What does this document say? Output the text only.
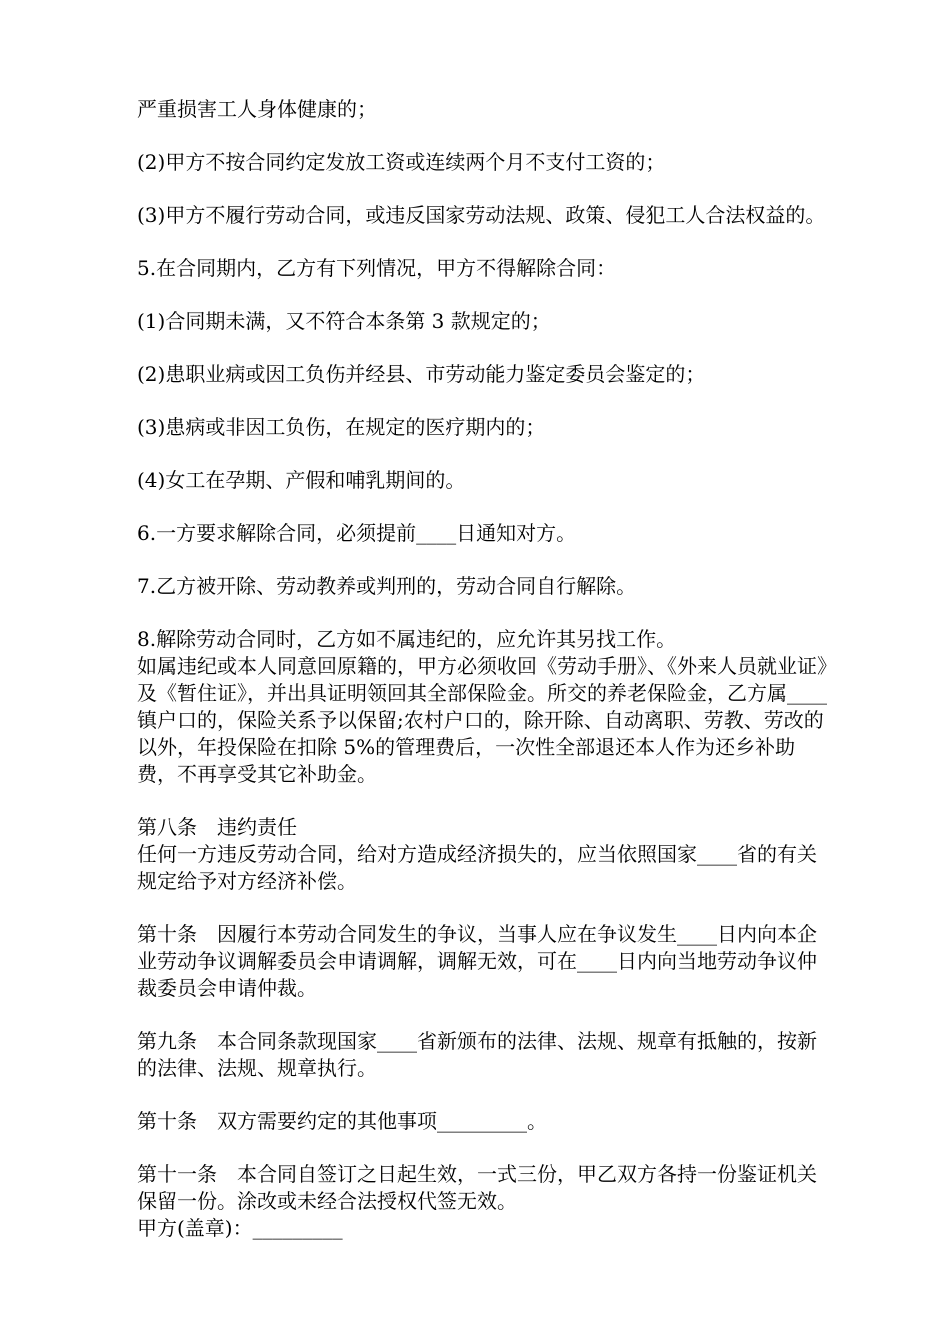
严重损害工人身体健康的；

(2)甲方不按合同约定发放工资或连续两个月不支付工资的；

(3)甲方不履行劳动合同，或违反国家劳动法规、政策、侵犯工人合法权益的。

5.在合同期内，乙方有下列情况，甲方不得解除合同：

(1)合同期未满，又不符合本条第 3 款规定的；

(2)患职业病或因工负伤并经县、市劳动能力鉴定委员会鉴定的；

(3)患病或非因工负伤，在规定的医疗期内的；

(4)女工在孕期、产假和哺乳期间的。

6.一方要求解除合同，必须提前____日通知对方。

7.乙方被开除、劳动教养或判刑的，劳动合同自行解除。

8.解除劳动合同时，乙方如不属违纪的，应允许其另找工作。
如属违纪或本人同意回原籍的，甲方必须收回《劳动手册》、《外来人员就业证》及《暂住证》，并出具证明领回其全部保险金。所交的养老保险金，乙方属____镇户口的，保险关系予以保留;农村户口的，除开除、自动离职、劳教、劳改的以外，年投保险在扣除 5%的管理费后，一次性全部退还本人作为还乡补助费，不再享受其它补助金。

第八条　违约责任
任何一方违反劳动合同，给对方造成经济损失的，应当依照国家____省的有关规定给予对方经济补偿。

第十条　因履行本劳动合同发生的争议，当事人应在争议发生____日内向本企业劳动争议调解委员会申请调解，调解无效，可在____日内向当地劳动争议仲裁委员会申请仲裁。

第九条　本合同条款现国家____省新颁布的法律、法规、规章有抵触的，按新的法律、法规、规章执行。

第十条　双方需要约定的其他事项_________。

第十一条　本合同自签订之日起生效，一式三份，甲乙双方各持一份鉴证机关保留一份。涂改或未经合法授权代签无效。
甲方(盖章)：_________
